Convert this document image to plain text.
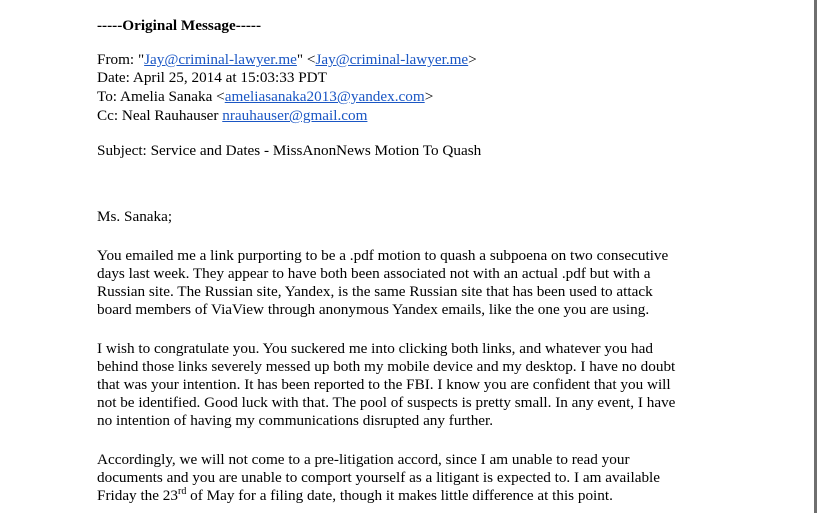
-----Original Message-----
From: "Jay@criminal-lawyer.me" <Jay@criminal-lawyer.me>
Date: April 25, 2014 at 15:03:33 PDT
To: Amelia Sanaka <ameliasanaka2013@yandex.com>
Cc: Neal Rauhauser nrauhauser@gmail.com
Subject: Service and Dates - MissAnonNews Motion To Quash
Ms. Sanaka;
You emailed me a link purporting to be a .pdf motion to quash a subpoena on two consecutive
days last week. They appear to have both been associated not with an actual .pdf but with a
Russian site. The Russian site, Yandex, is the same Russian site that has been used to attack
board members of ViaView through anonymous Yandex emails, like the one you are using.
I wish to congratulate you. You suckered me into clicking both links, and whatever you had
behind those links severely messed up both my mobile device and my desktop. I have no doubt
that was your intention. It has been reported to the FBI. I know you are confident that you will
not be identified. Good luck with that. The pool of suspects is pretty small. In any event, I have
no intention of having my communications disrupted any further.
Accordingly, we will not come to a pre-litigation accord, since I am unable to read your
documents and you are unable to comport yourself as a litigant is expected to. I am available
Friday the 23rd of May for a filing date, though it makes little difference at this point.
